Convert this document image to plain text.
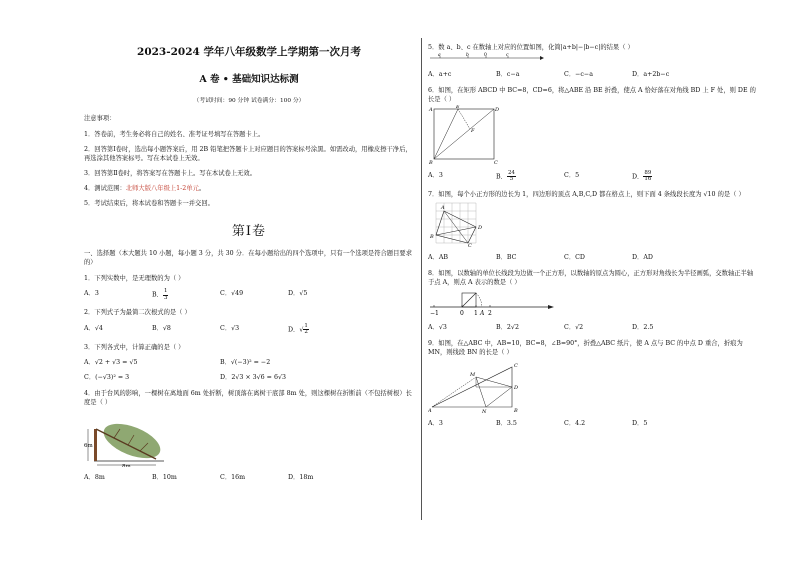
2023-2024 学年八年级数学上学期第一次月考
A 卷 • 基础知识达标测
（考试时间：90 分钟 试卷满分：100 分）
注意事项：
1．答卷前，考生务必将自己的姓名、准考证号填写在答题卡上。
2．回答第Ⅰ卷时，选出每小题答案后，用 2B 铅笔把答题卡上对应题目的答案标号涂黑。如需改动，用橡皮擦干净后，再选涂其他答案标号。写在本试卷上无效。
3．回答第Ⅱ卷时，将答案写在答题卡上。写在本试卷上无效。
4．测试范围：北师大版八年级上1-2单元。
5．考试结束后，将本试卷和答题卡一并交回。
第Ⅰ卷
一、选择题（本大题共 10 小题，每小题 3 分，共 30 分．在每小题给出的四个选项中，只有一个选项是符合题目要求的）
1．下列实数中，是无理数的为（ ）
A．3	B． $\frac{1}{3}$	C．√49	D．√5
2．下列式子为最简二次根式的是（ ）
A．√4	B．√8	C．√3	D．√ $\frac{1}{2}$
3．下列各式中，计算正确的是（ ）
A．√2 + √3 = √5	B．√(−3)² = −2
C．(−√3)² = 3	D．2√3 × 3√6 = 6√3
4．由于台风的影响，一棵树在离地面 6m 处折断，树顶落在离树干底部 8m 处，则这棵树在折断前（不包括树根）长度是（ ）
6m
8m
A．8m	B．10m	C．16m	D．18m
5．数 a、b、c 在数轴上对应的位置如图，化简|a+b|−|b−c|的结果（ ）
a	b	0	c
A．a+c	B．c−a	C．−c−a	D．a+2b−c
6．如图，在矩形 ABCD 中 BC=8，CD=6，将△ABE 沿 BE 折叠，使点 A 恰好落在对角线 BD 上 F 处，则 DE 的长是（ ）
A	E	D
F
B	C
A．3	B． $\frac{24}{5}$	C．5	D． $\frac{89}{16}$
7．如图，每个小正方形的边长为 1，四边形的顶点 A,B,C,D 都在格点上，则下面 4 条线段长度为 √10 的是（ ）
A
B
C
D
A．AB	B．BC	C．CD	D．AD
8．如图，以数轴的单位长线段为边做一个正方形，以数轴的原点为圆心，正方形对角线长为半径画弧，交数轴正半轴于点 A，则点 A 表示的数是（ ）
−1	0 1 A 2
A．√3	B．2√2	C．√2	D．2.5
9．如图，在△ABC 中，AB=10，BC=8，∠B=90°，折叠△ABC 纸片，使 A 点与 BC 的中点 D 重合，折痕为 MN，则线段 BN 的长是（ ）
C
M
D
A	N	B
A．3	B．3.5	C．4.2	D．5
